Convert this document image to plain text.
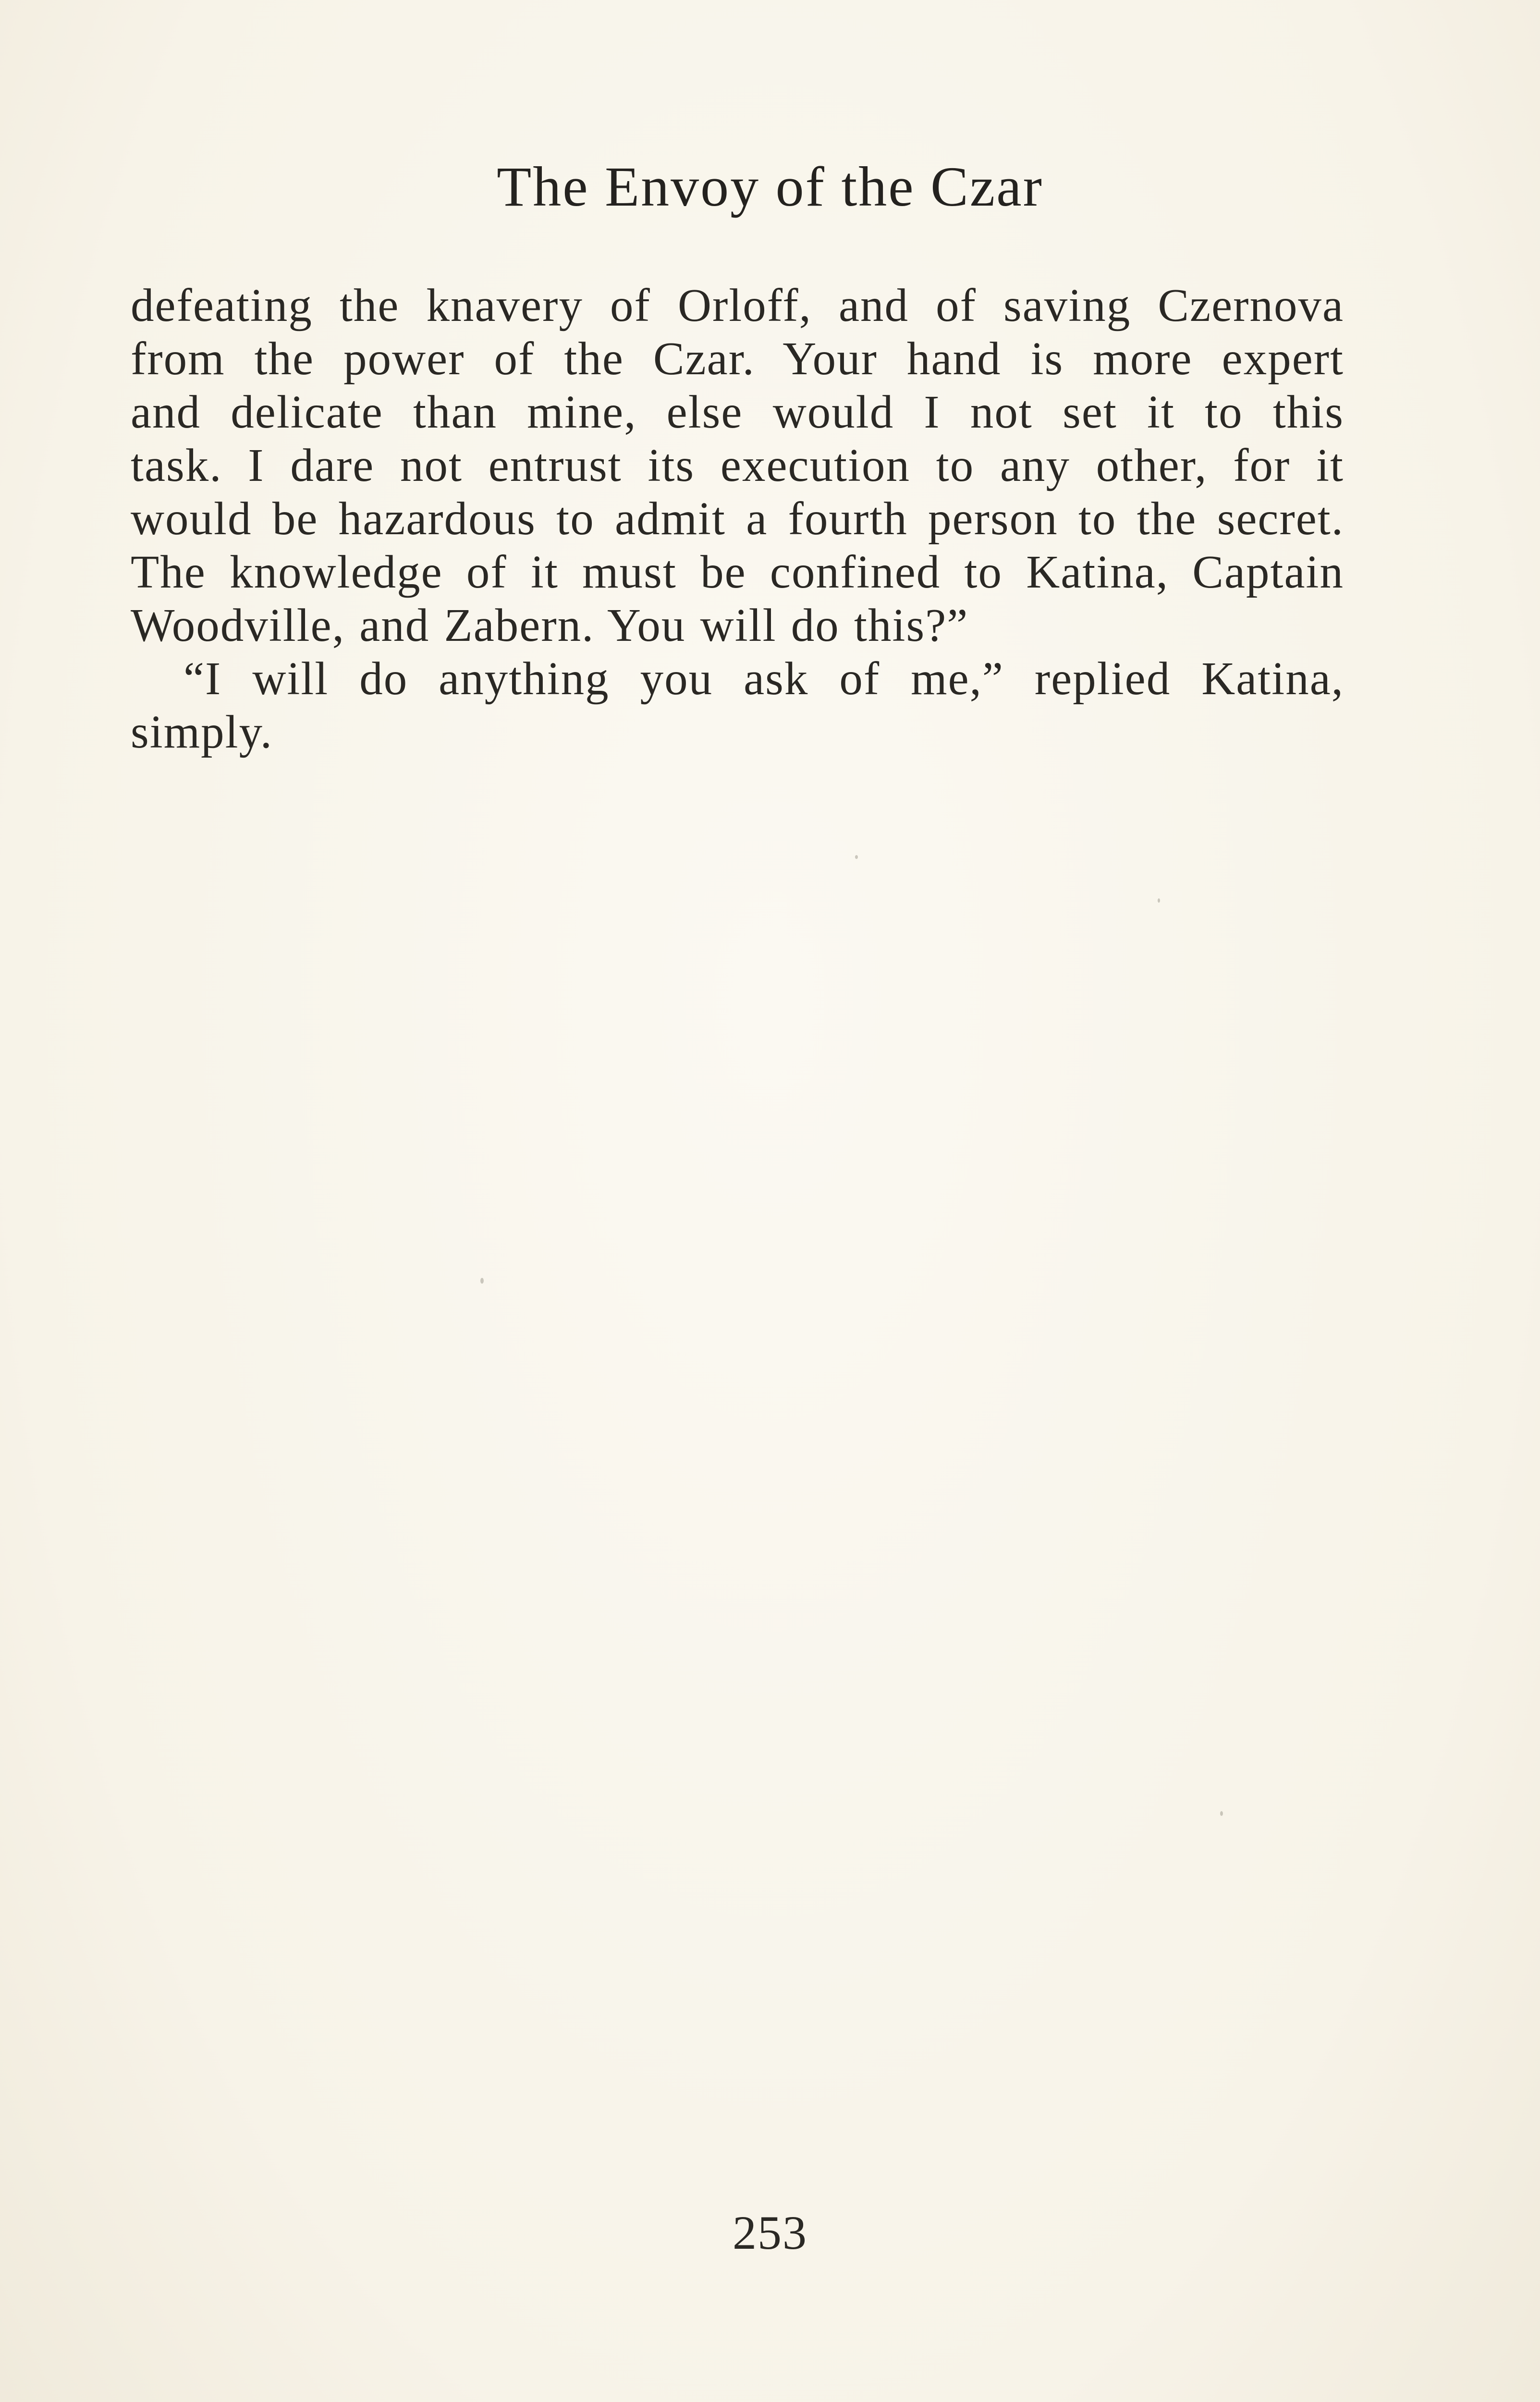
The Envoy of the Czar
defeating the knavery of Orloff, and of saving Czernova
from the power of the Czar. Your hand is more expert
and delicate than mine, else would I not set it to this
task. I dare not entrust its execution to any other, for it
would be hazardous to admit a fourth person to the secret.
The knowledge of it must be confined to Katina, Captain
Woodville, and Zabern. You will do this?”
“I will do anything you ask of me,” replied Katina,
simply.
253
